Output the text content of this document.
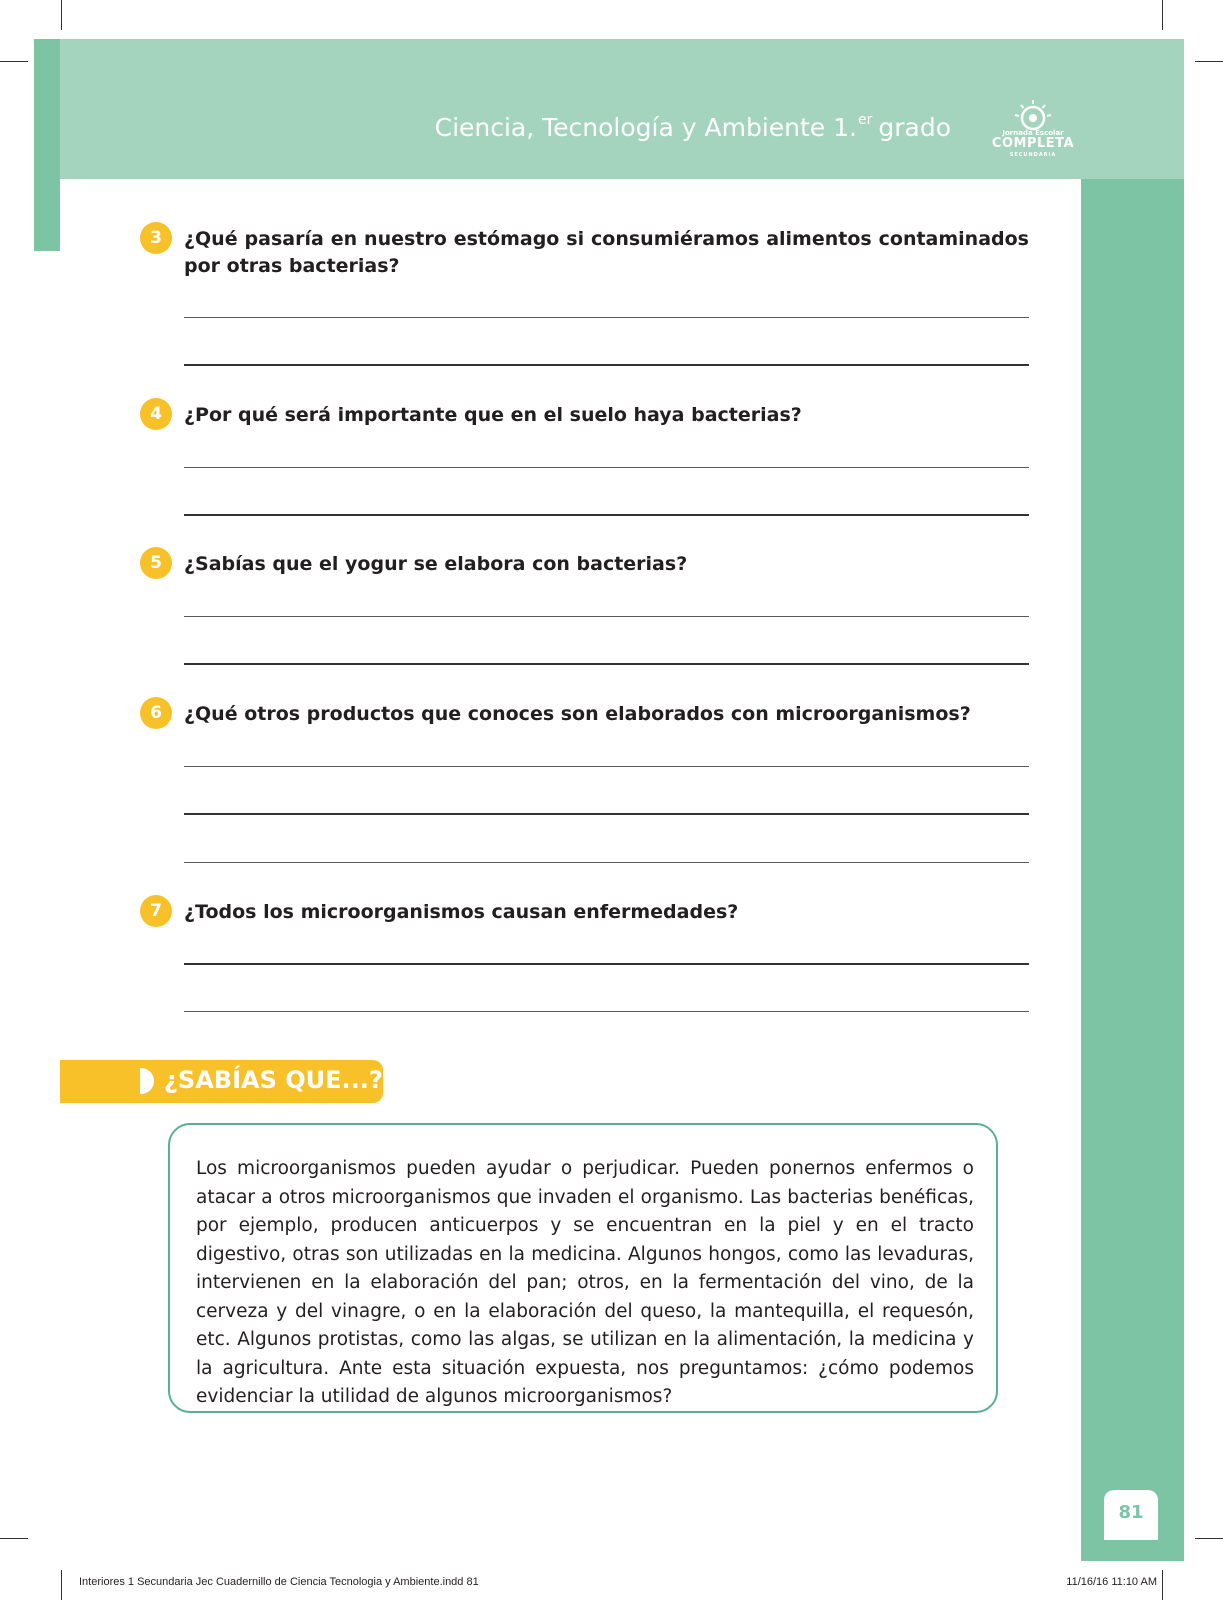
Ciencia, Tecnología y Ambiente 1.$^{er}$ grado	Jornada Escolar
COMPLETA
SECUNDARIA
3	¿Qué pasaría en nuestro estómago si consumiéramos alimentos contaminados por otras bacterias?
4	¿Por qué será importante que en el suelo haya bacterias?
5	¿Sabías que el yogur se elabora con bacterias?
6	¿Qué otros productos que conoces son elaborados con microorganismos?
7	¿Todos los microorganismos causan enfermedades?
¿SABÍAS QUE...?
Los microorganismos pueden ayudar o perjudicar. Pueden ponernos enfermos o atacar a otros microorganismos que invaden el organismo. Las bacterias benéficas, por ejemplo, producen anticuerpos y se encuentran en la piel y en el tracto digestivo, otras son utilizadas en la medicina. Algunos hongos, como las levaduras, intervienen en la elaboración del pan; otros, en la fermentación del vino, de la cerveza y del vinagre, o en la elaboración del queso, la mantequilla, el requesón, etc. Algunos protistas, como las algas, se utilizan en la alimentación, la medicina y la agricultura. Ante esta situación expuesta, nos preguntamos: ¿cómo podemos evidenciar la utilidad de algunos microorganismos?
81
Interiores 1 Secundaria Jec Cuadernillo de Ciencia Tecnologia y Ambiente.indd 81	11/16/16 11:10 AM
